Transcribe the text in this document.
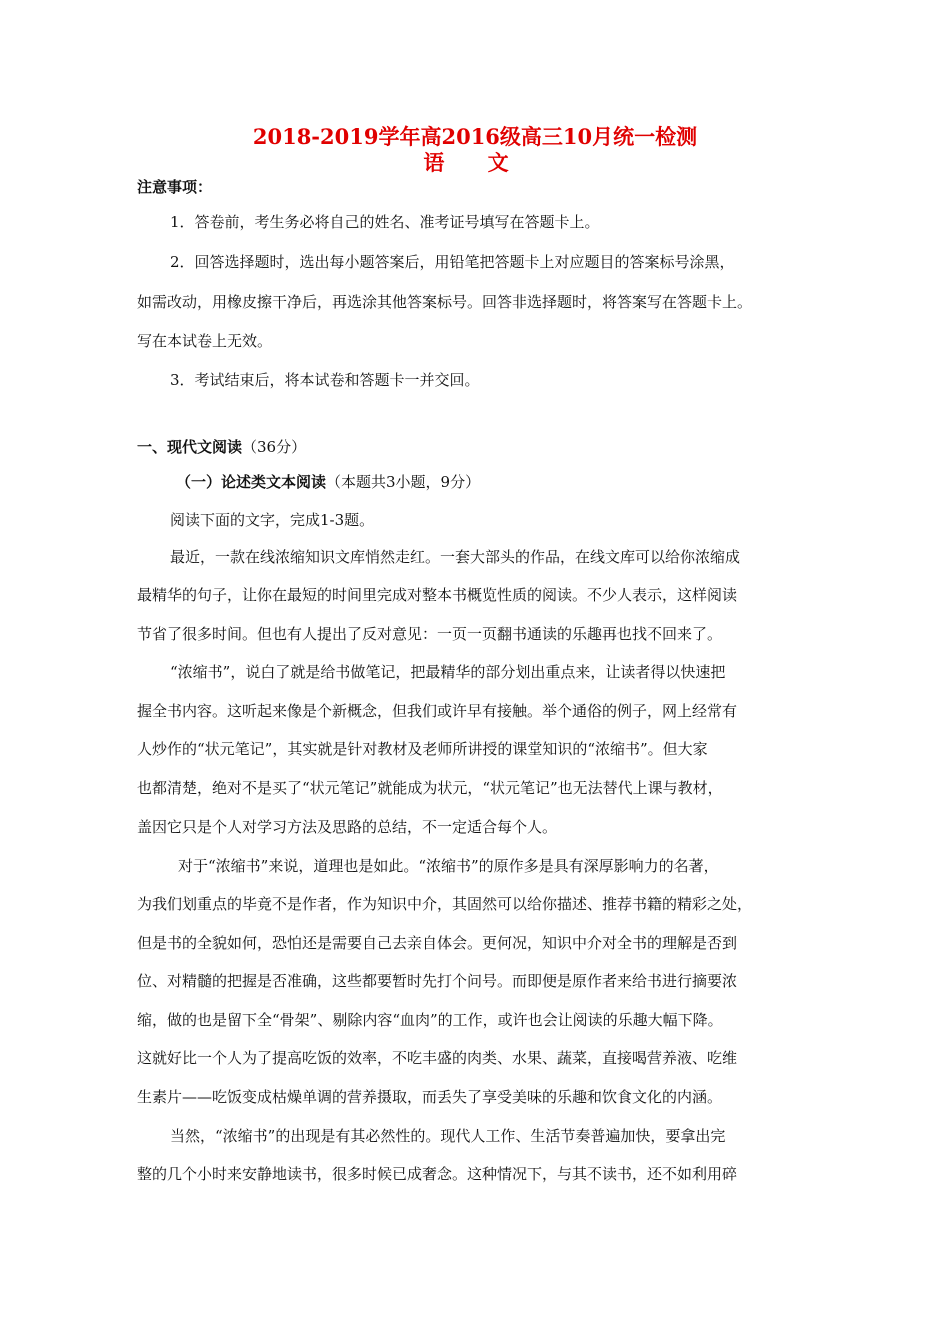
2018-2019学年高2016级高三10月统一检测
语 文
注意事项：
1．答卷前，考生务必将自己的姓名、准考证号填写在答题卡上。
2．回答选择题时，选出每小题答案后，用铅笔把答题卡上对应题目的答案标号涂黑，
如需改动，用橡皮擦干净后，再选涂其他答案标号。回答非选择题时，将答案写在答题卡上。
写在本试卷上无效。
3．考试结束后，将本试卷和答题卡一并交回。
一、现代文阅读（36分）
（一）论述类文本阅读（本题共3小题，9分）
阅读下面的文字，完成1-3题。
最近，一款在线浓缩知识文库悄然走红。一套大部头的作品，在线文库可以给你浓缩成
最精华的句子，让你在最短的时间里完成对整本书概览性质的阅读。不少人表示，这样阅读
节省了很多时间。但也有人提出了反对意见：一页一页翻书通读的乐趣再也找不回来了。
“浓缩书”，说白了就是给书做笔记，把最精华的部分划出重点来，让读者得以快速把
握全书内容。这听起来像是个新概念，但我们或许早有接触。举个通俗的例子，网上经常有
人炒作的“状元笔记”，其实就是针对教材及老师所讲授的课堂知识的“浓缩书”。但大家
也都清楚，绝对不是买了“状元笔记”就能成为状元，“状元笔记”也无法替代上课与教材，
盖因它只是个人对学习方法及思路的总结，不一定适合每个人。
对于“浓缩书”来说，道理也是如此。“浓缩书”的原作多是具有深厚影响力的名著，
为我们划重点的毕竟不是作者，作为知识中介，其固然可以给你描述、推荐书籍的精彩之处，
但是书的全貌如何，恐怕还是需要自己去亲自体会。更何况，知识中介对全书的理解是否到
位、对精髓的把握是否准确，这些都要暂时先打个问号。而即便是原作者来给书进行摘要浓
缩，做的也是留下全“骨架”、剔除内容“血肉”的工作，或许也会让阅读的乐趣大幅下降。
这就好比一个人为了提高吃饭的效率，不吃丰盛的肉类、水果、蔬菜，直接喝营养液、吃维
生素片——吃饭变成枯燥单调的营养摄取，而丢失了享受美味的乐趣和饮食文化的内涵。
当然，“浓缩书”的出现是有其必然性的。现代人工作、生活节奏普遍加快，要拿出完
整的几个小时来安静地读书，很多时候已成奢念。这种情况下，与其不读书，还不如利用碎
